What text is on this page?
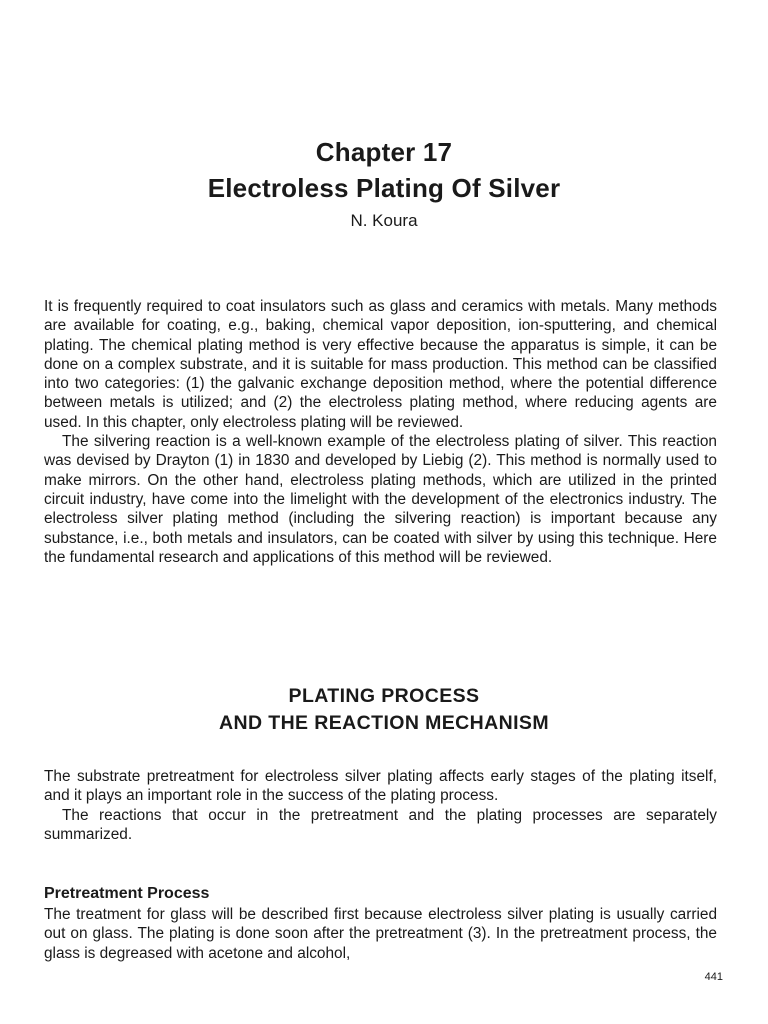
Chapter 17
Electroless Plating Of Silver
N. Koura

It is frequently required to coat insulators such as glass and ceramics with metals. Many methods are available for coating, e.g., baking, chemical vapor deposition, ion-sputtering, and chemical plating. The chemical plating method is very effective because the apparatus is simple, it can be done on a complex substrate, and it is suitable for mass production. This method can be classified into two categories: (1) the galvanic exchange deposition method, where the potential difference between metals is utilized; and (2) the electroless plating method, where reducing agents are used. In this chapter, only electroless plating will be reviewed.

The silvering reaction is a well-known example of the electroless plating of silver. This reaction was devised by Drayton (1) in 1830 and developed by Liebig (2). This method is normally used to make mirrors. On the other hand, electroless plating methods, which are utilized in the printed circuit industry, have come into the limelight with the development of the electronics industry. The electroless silver plating method (including the silvering reaction) is important because any substance, i.e., both metals and insulators, can be coated with silver by using this technique. Here the fundamental research and applications of this method will be reviewed.

PLATING PROCESS
AND THE REACTION MECHANISM

The substrate pretreatment for electroless silver plating affects early stages of the plating itself, and it plays an important role in the success of the plating process.

The reactions that occur in the pretreatment and the plating processes are separately summarized.

Pretreatment Process

The treatment for glass will be described first because electroless silver plating is usually carried out on glass. The plating is done soon after the pretreatment (3). In the pretreatment process, the glass is degreased with acetone and alcohol,

441
